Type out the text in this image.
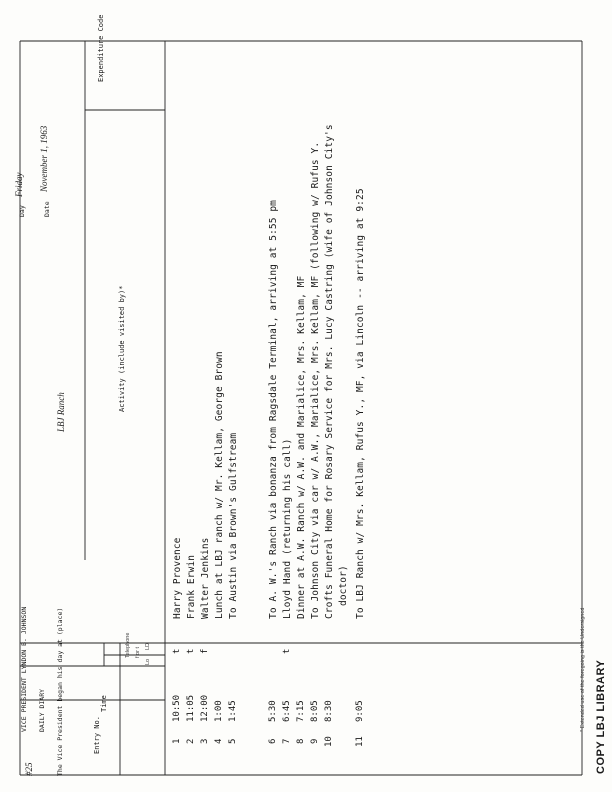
#25
VICE PRESIDENT LYNDON B. JOHNSON DAILY DIARY The Vice President began his day at (place)
LBJ Ranch
Day
Friday
Date
November 1, 1963
Entry No.
Time
Telephone f or t
Lo
LD
Activity (include visited by)*
Expenditure Code
1
10:50
t
Harry Provence
2
11:05
t
Frank Erwin
3
12:00
f
Walter Jenkins
4
1:00
Lunch at LBJ ranch w/ Mr. Kellam, George Brown
5
1:45
To Austin via Brown's Gulfstream
6
5:30
To A. W.'s Ranch via bonanza from Ragsdale Terminal, arriving at 5:55 pm
7
6:45
t
Lloyd Hand (returning his call)
8
7:15
Dinner at A.W. Ranch w/ A.W. and Marialice, Mrs. Kellam, MF
9
8:05
To Johnson City via car w/ A.W., Marialice, Mrs. Kellam, MF (following w/ Rufus Y.
10
8:30
Crofts Funeral Home for Rosary Service for Mrs. Lucy Castring (wife of Johnson City's doctor)
11
9:05
To LBJ Ranch w/ Mrs. Kellam, Rufus Y., MF, via Lincoln -- arriving at 9:25
COPY LBJ LIBRARY
* Extended use of the foregoing is the Undersigned
